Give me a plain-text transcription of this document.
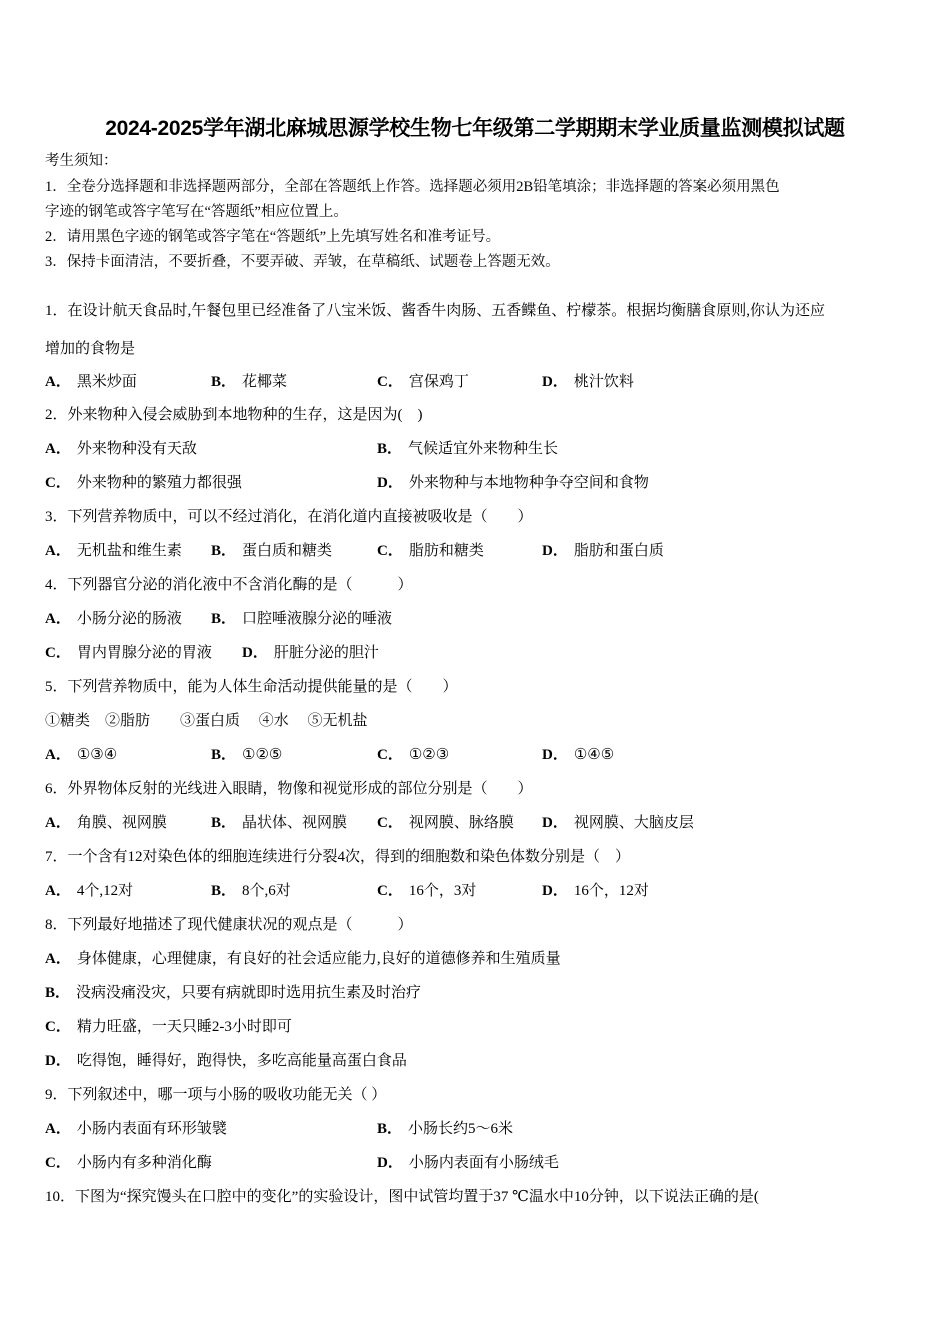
2024-2025学年湖北麻城思源学校生物七年级第二学期期末学业质量监测模拟试题
考生须知：
1．全卷分选择题和非选择题两部分，全部在答题纸上作答。选择题必须用2B铅笔填涂；非选择题的答案必须用黑色
字迹的钢笔或答字笔写在“答题纸”相应位置上。
2．请用黑色字迹的钢笔或答字笔在“答题纸”上先填写姓名和准考证号。
3．保持卡面清洁，不要折叠，不要弄破、弄皱，在草稿纸、试题卷上答题无效。
1．在设计航天食品时,午餐包里已经准备了八宝米饭、酱香牛肉肠、五香鲽鱼、柠檬茶。根据均衡膳食原则,你认为还应
增加的食物是
A． 黑米炒面	B． 花椰菜	C． 宫保鸡丁	D． 桃汁饮料
2．外来物种入侵会威胁到本地物种的生存，这是因为(　)
A． 外来物种没有天敌	B． 气候适宜外来物种生长
C． 外来物种的繁殖力都很强	D． 外来物种与本地物种争夺空间和食物
3．下列营养物质中，可以不经过消化，在消化道内直接被吸收是（　　）
A． 无机盐和维生素 B． 蛋白质和糖类	C． 脂肪和糖类	D． 脂肪和蛋白质
4．下列器官分泌的消化液中不含消化酶的是（　　　）
A． 小肠分泌的肠液 B． 口腔唾液腺分泌的唾液
C． 胃内胃腺分泌的胃液 D． 肝脏分泌的胆汁
5．下列营养物质中，能为人体生命活动提供能量的是（　　）
①糖类　②脂肪　　③蛋白质　 ④水　 ⑤无机盐
A． ①③④	B． ①②⑤	C． ①②③	D． ①④⑤
6．外界物体反射的光线进入眼睛，物像和视觉形成的部位分别是（　　）
A． 角膜、视网膜	B． 晶状体、视网膜 C． 视网膜、脉络膜 D． 视网膜、大脑皮层
7．一个含有12对染色体的细胞连续进行分裂4次，得到的细胞数和染色体数分别是（　）
A． 4个,12对	B． 8个,6对	C． 16个，3对	D． 16个，12对
8．下列最好地描述了现代健康状况的观点是（　　　）
A． 身体健康，心理健康，有良好的社会适应能力,良好的道德修养和生殖质量
B． 没病没痛没灾，只要有病就即时选用抗生素及时治疗
C． 精力旺盛，一天只睡2-3小时即可
D． 吃得饱，睡得好，跑得快，多吃高能量高蛋白食品
9．下列叙述中，哪一项与小肠的吸收功能无关（ ）
A． 小肠内表面有环形皱襞	B． 小肠长约5～6米
C． 小肠内有多种消化酶	D． 小肠内表面有小肠绒毛
10．下图为“探究馒头在口腔中的变化”的实验设计，图中试管均置于37 ℃温水中10分钟，以下说法正确的是(
